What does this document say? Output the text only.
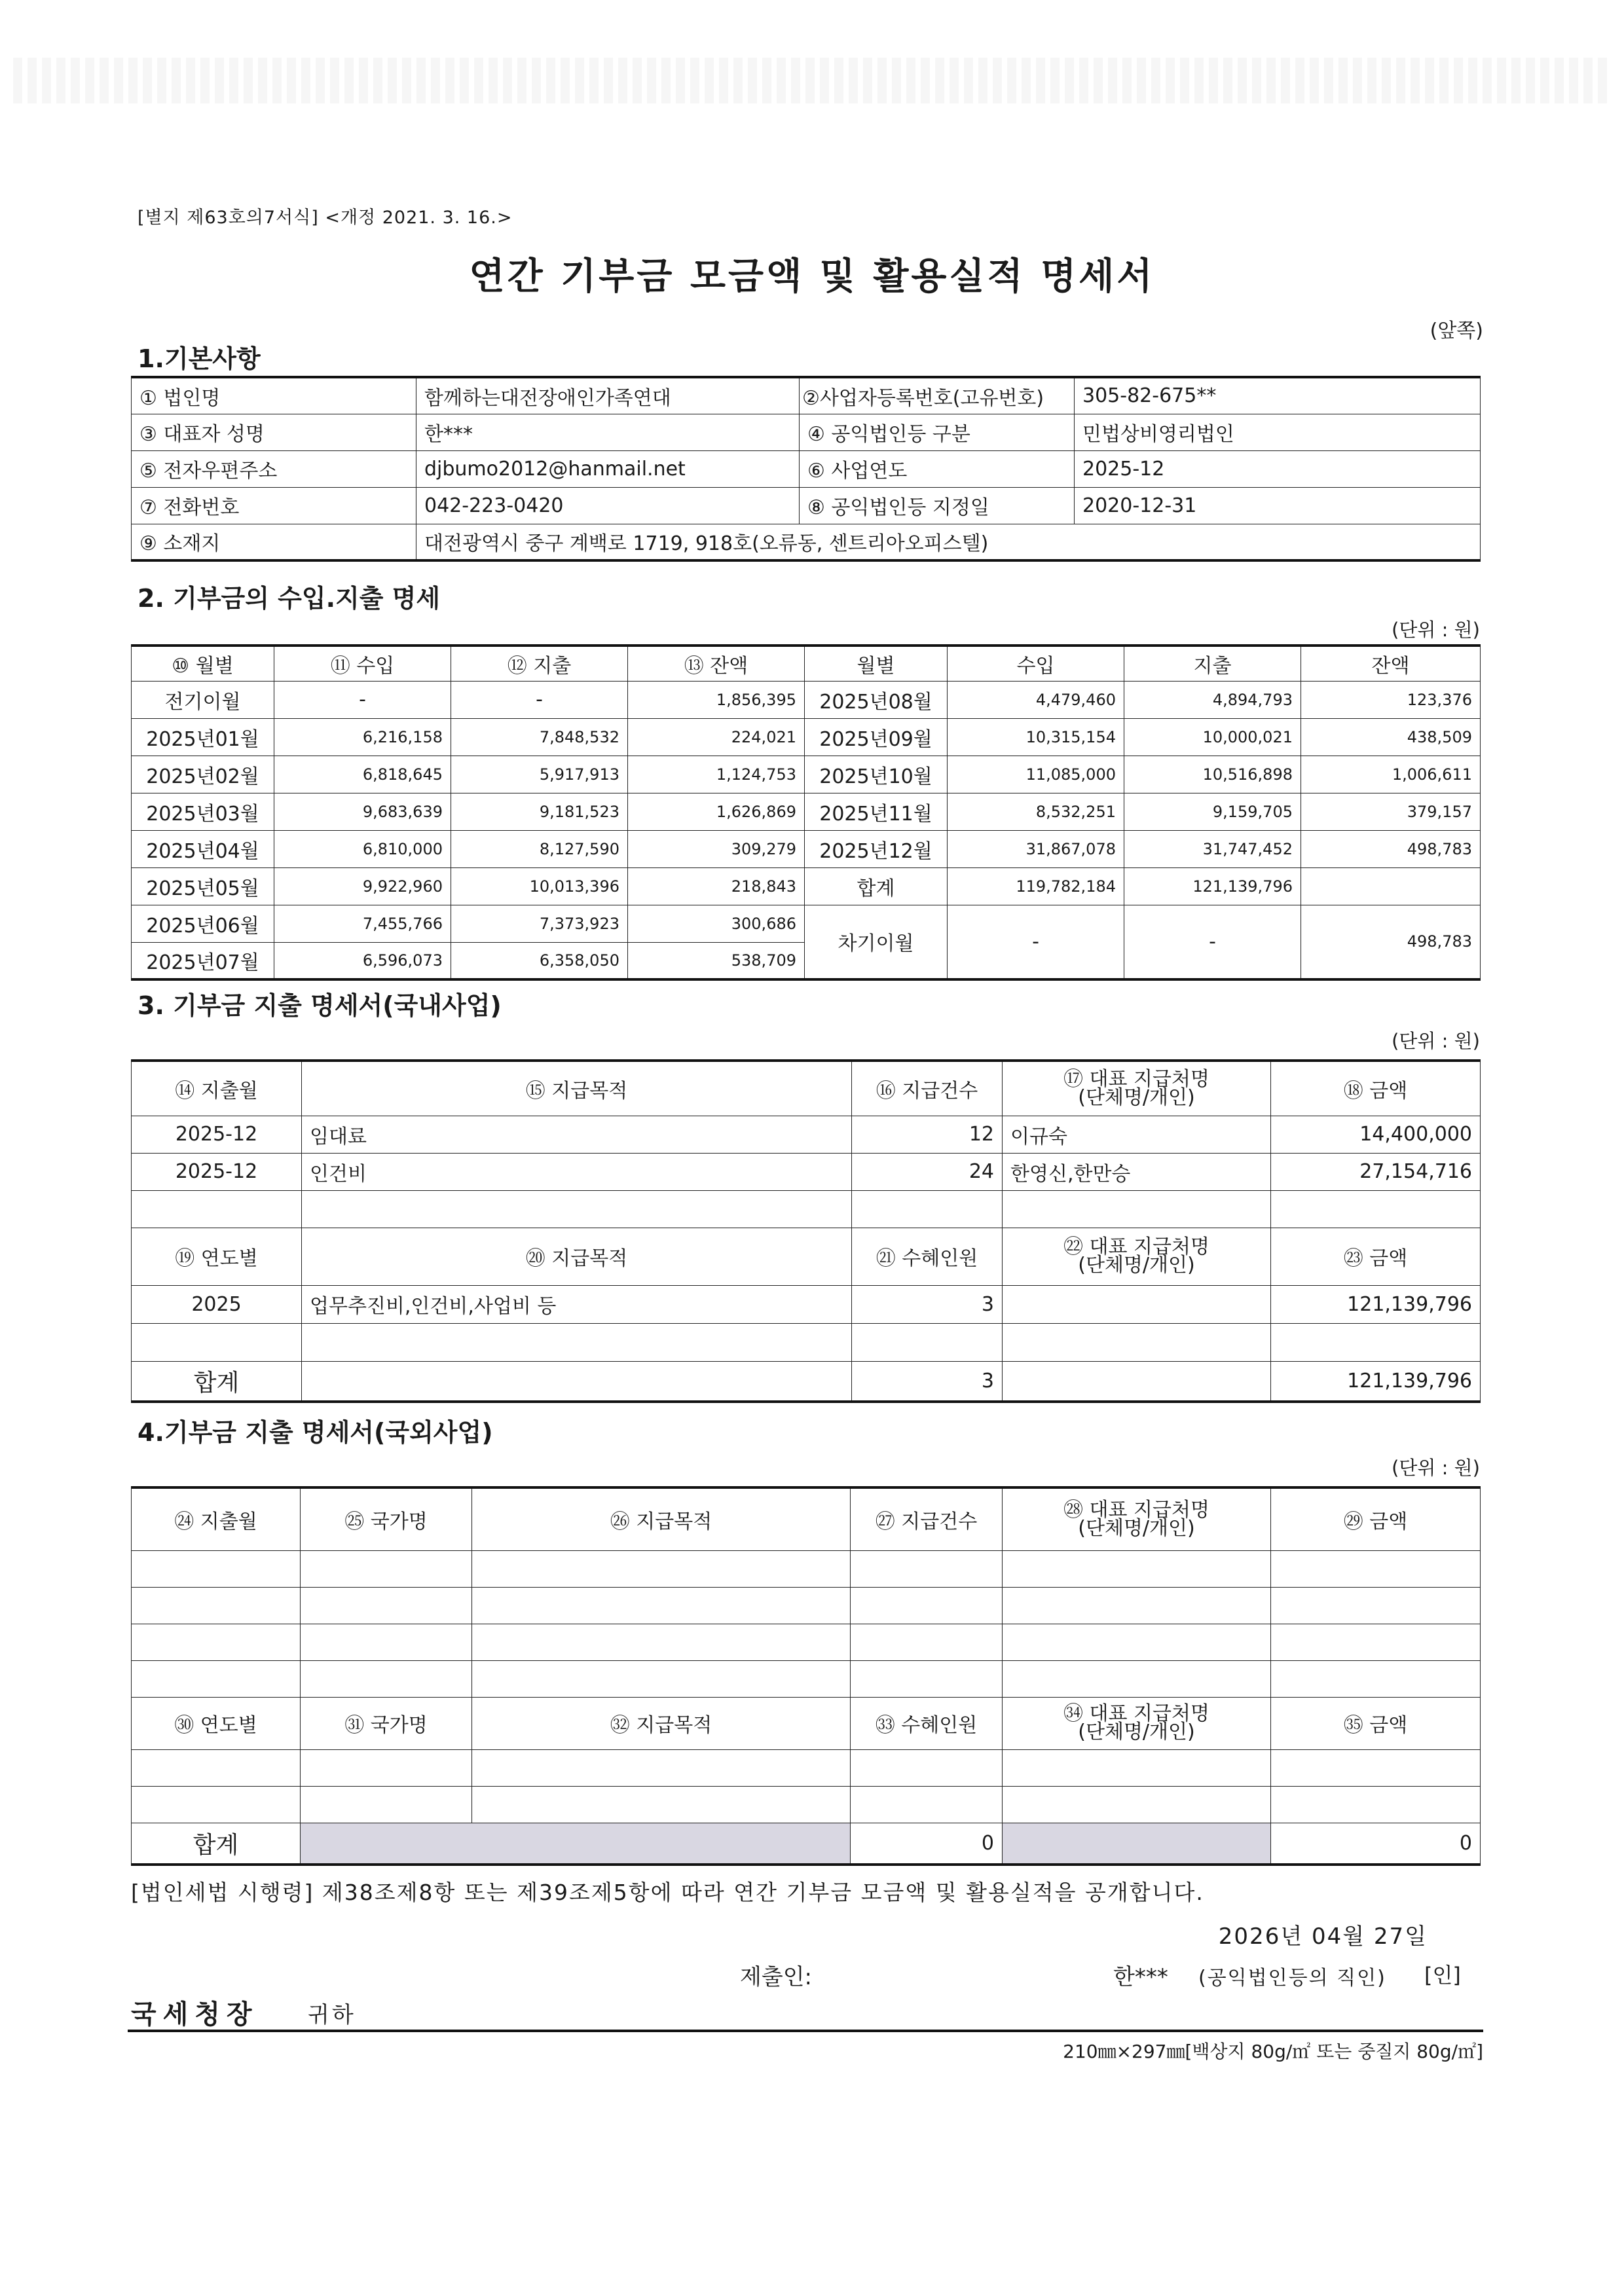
[별지 제63호의7서식] <개정 2021. 3. 16.>
연간 기부금 모금액 및 활용실적 명세서
(앞쪽)
1.기본사항
① 법인명	함께하는대전장애인가족연대	②사업자등록번호(고유번호)	305-82-675**
③ 대표자 성명	한***	④ 공익법인등 구분	민법상비영리법인
⑤ 전자우편주소	djbumo2012@hanmail.net	⑥ 사업연도	2025-12
⑦ 전화번호	042-223-0420	⑧ 공익법인등 지정일	2020-12-31
⑨ 소재지	대전광역시 중구 계백로 1719, 918호(오류동, 센트리아오피스텔)		
2. 기부금의 수입.지출 명세
(단위 : 원)
⑩ 월별	⑪ 수입	⑫ 지출	⑬ 잔액	월별	수입	지출	잔액
전기이월	-	-	1,856,395	2025년08월	4,479,460	4,894,793	123,376
2025년01월	6,216,158	7,848,532	224,021	2025년09월	10,315,154	10,000,021	438,509
2025년02월	6,818,645	5,917,913	1,124,753	2025년10월	11,085,000	10,516,898	1,006,611
2025년03월	9,683,639	9,181,523	1,626,869	2025년11월	8,532,251	9,159,705	379,157
2025년04월	6,810,000	8,127,590	309,279	2025년12월	31,867,078	31,747,452	498,783
2025년05월	9,922,960	10,013,396	218,843	합계	119,782,184	121,139,796	
2025년06월	7,455,766	7,373,923	300,686	차기이월	-	-	498,783
2025년07월	6,596,073	6,358,050	538,709				
3. 기부금 지출 명세서(국내사업)
(단위 : 원)
⑭ 지출월	⑮ 지급목적	⑯ 지급건수	⑰ 대표 지급처명
(단체명/개인)	⑱ 금액
2025-12	임대료	12	이규숙	14,400,000
2025-12	인건비	24	한영신,한만승	27,154,716

⑲ 연도별	⑳ 지급목적	㉑ 수혜인원	㉒ 대표 지급처명
(단체명/개인)	㉓ 금액
2025	업무추진비,인건비,사업비 등	3		121,139,796

합계		3		121,139,796
4.기부금 지출 명세서(국외사업)
(단위 : 원)
㉔ 지출월	㉕ 국가명	㉖ 지급목적	㉗ 지급건수	㉘ 대표 지급처명
(단체명/개인)	㉙ 금액

㉚ 연도별	㉛ 국가명	㉜ 지급목적	㉝ 수혜인원	㉞ 대표 지급처명
(단체명/개인)	㉟ 금액

합계			0		0
[법인세법 시행령] 제38조제8항 또는 제39조제5항에 따라 연간 기부금 모금액 및 활용실적을 공개합니다.
2026년 04월 27일
제출인:	한*** (공익법인등의 직인) [인]
국세청장 귀하
210㎜×297㎜[백상지 80g/㎡ 또는 중질지 80g/㎡]
